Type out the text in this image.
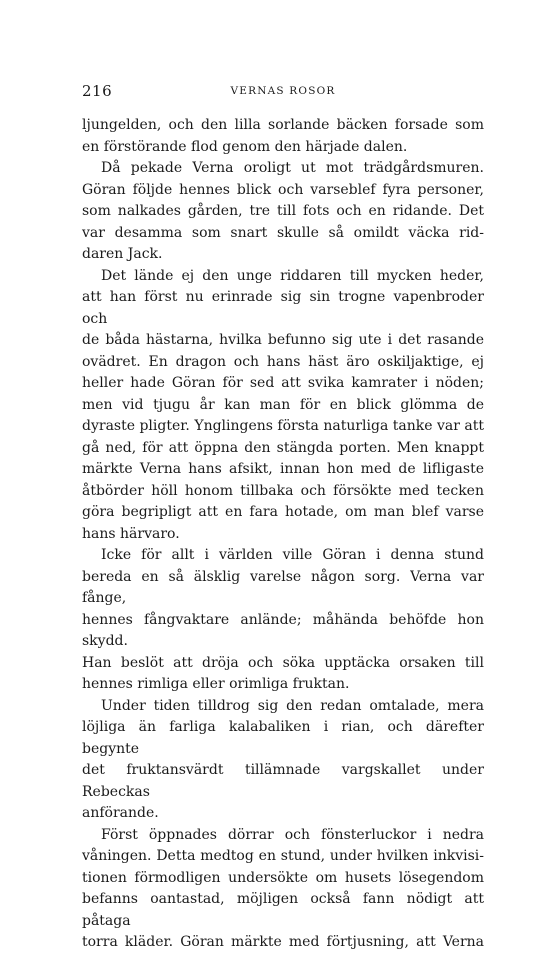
216	VERNAS ROSOR

ljungelden, och den lilla sorlande bäcken forsade som

en förstörande flod genom den härjade dalen.

Då pekade Verna oroligt ut mot trädgårdsmuren.

Göran följde hennes blick och varseblef fyra personer,

som nalkades gården, tre till fots och en ridande. Det

var desamma som snart skulle så omildt väcka rid-

daren Jack.

Det lände ej den unge riddaren till mycken heder,

att han först nu erinrade sig sin trogne vapenbroder och

de båda hästarna, hvilka befunno sig ute i det rasande

ovädret. En dragon och hans häst äro oskiljaktige, ej

heller hade Göran för sed att svika kamrater i nöden;

men vid tjugu år kan man för en blick glömma de

dyraste pligter. Ynglingens första naturliga tanke var att

gå ned, för att öppna den stängda porten. Men knappt

märkte Verna hans afsikt, innan hon med de lifligaste

åtbörder höll honom tillbaka och försökte med tecken

göra begripligt att en fara hotade, om man blef varse

hans härvaro.

Icke för allt i världen ville Göran i denna stund

bereda en så älsklig varelse någon sorg. Verna var fånge,

hennes fångvaktare anlände; måhända behöfde hon skydd.

Han beslöt att dröja och söka upptäcka orsaken till

hennes rimliga eller orimliga fruktan.

Under tiden tilldrog sig den redan omtalade, mera

löjliga än farliga kalabaliken i rian, och därefter begynte

det fruktansvärdt tillämnade vargskallet under Rebeckas

anförande.

Först öppnades dörrar och fönsterluckor i nedra

våningen. Detta medtog en stund, under hvilken inkvisi-

tionen förmodligen undersökte om husets lösegendom

befanns oantastad, möjligen också fann nödigt att påtaga

torra kläder. Göran märkte med förtjusning, att Verna
